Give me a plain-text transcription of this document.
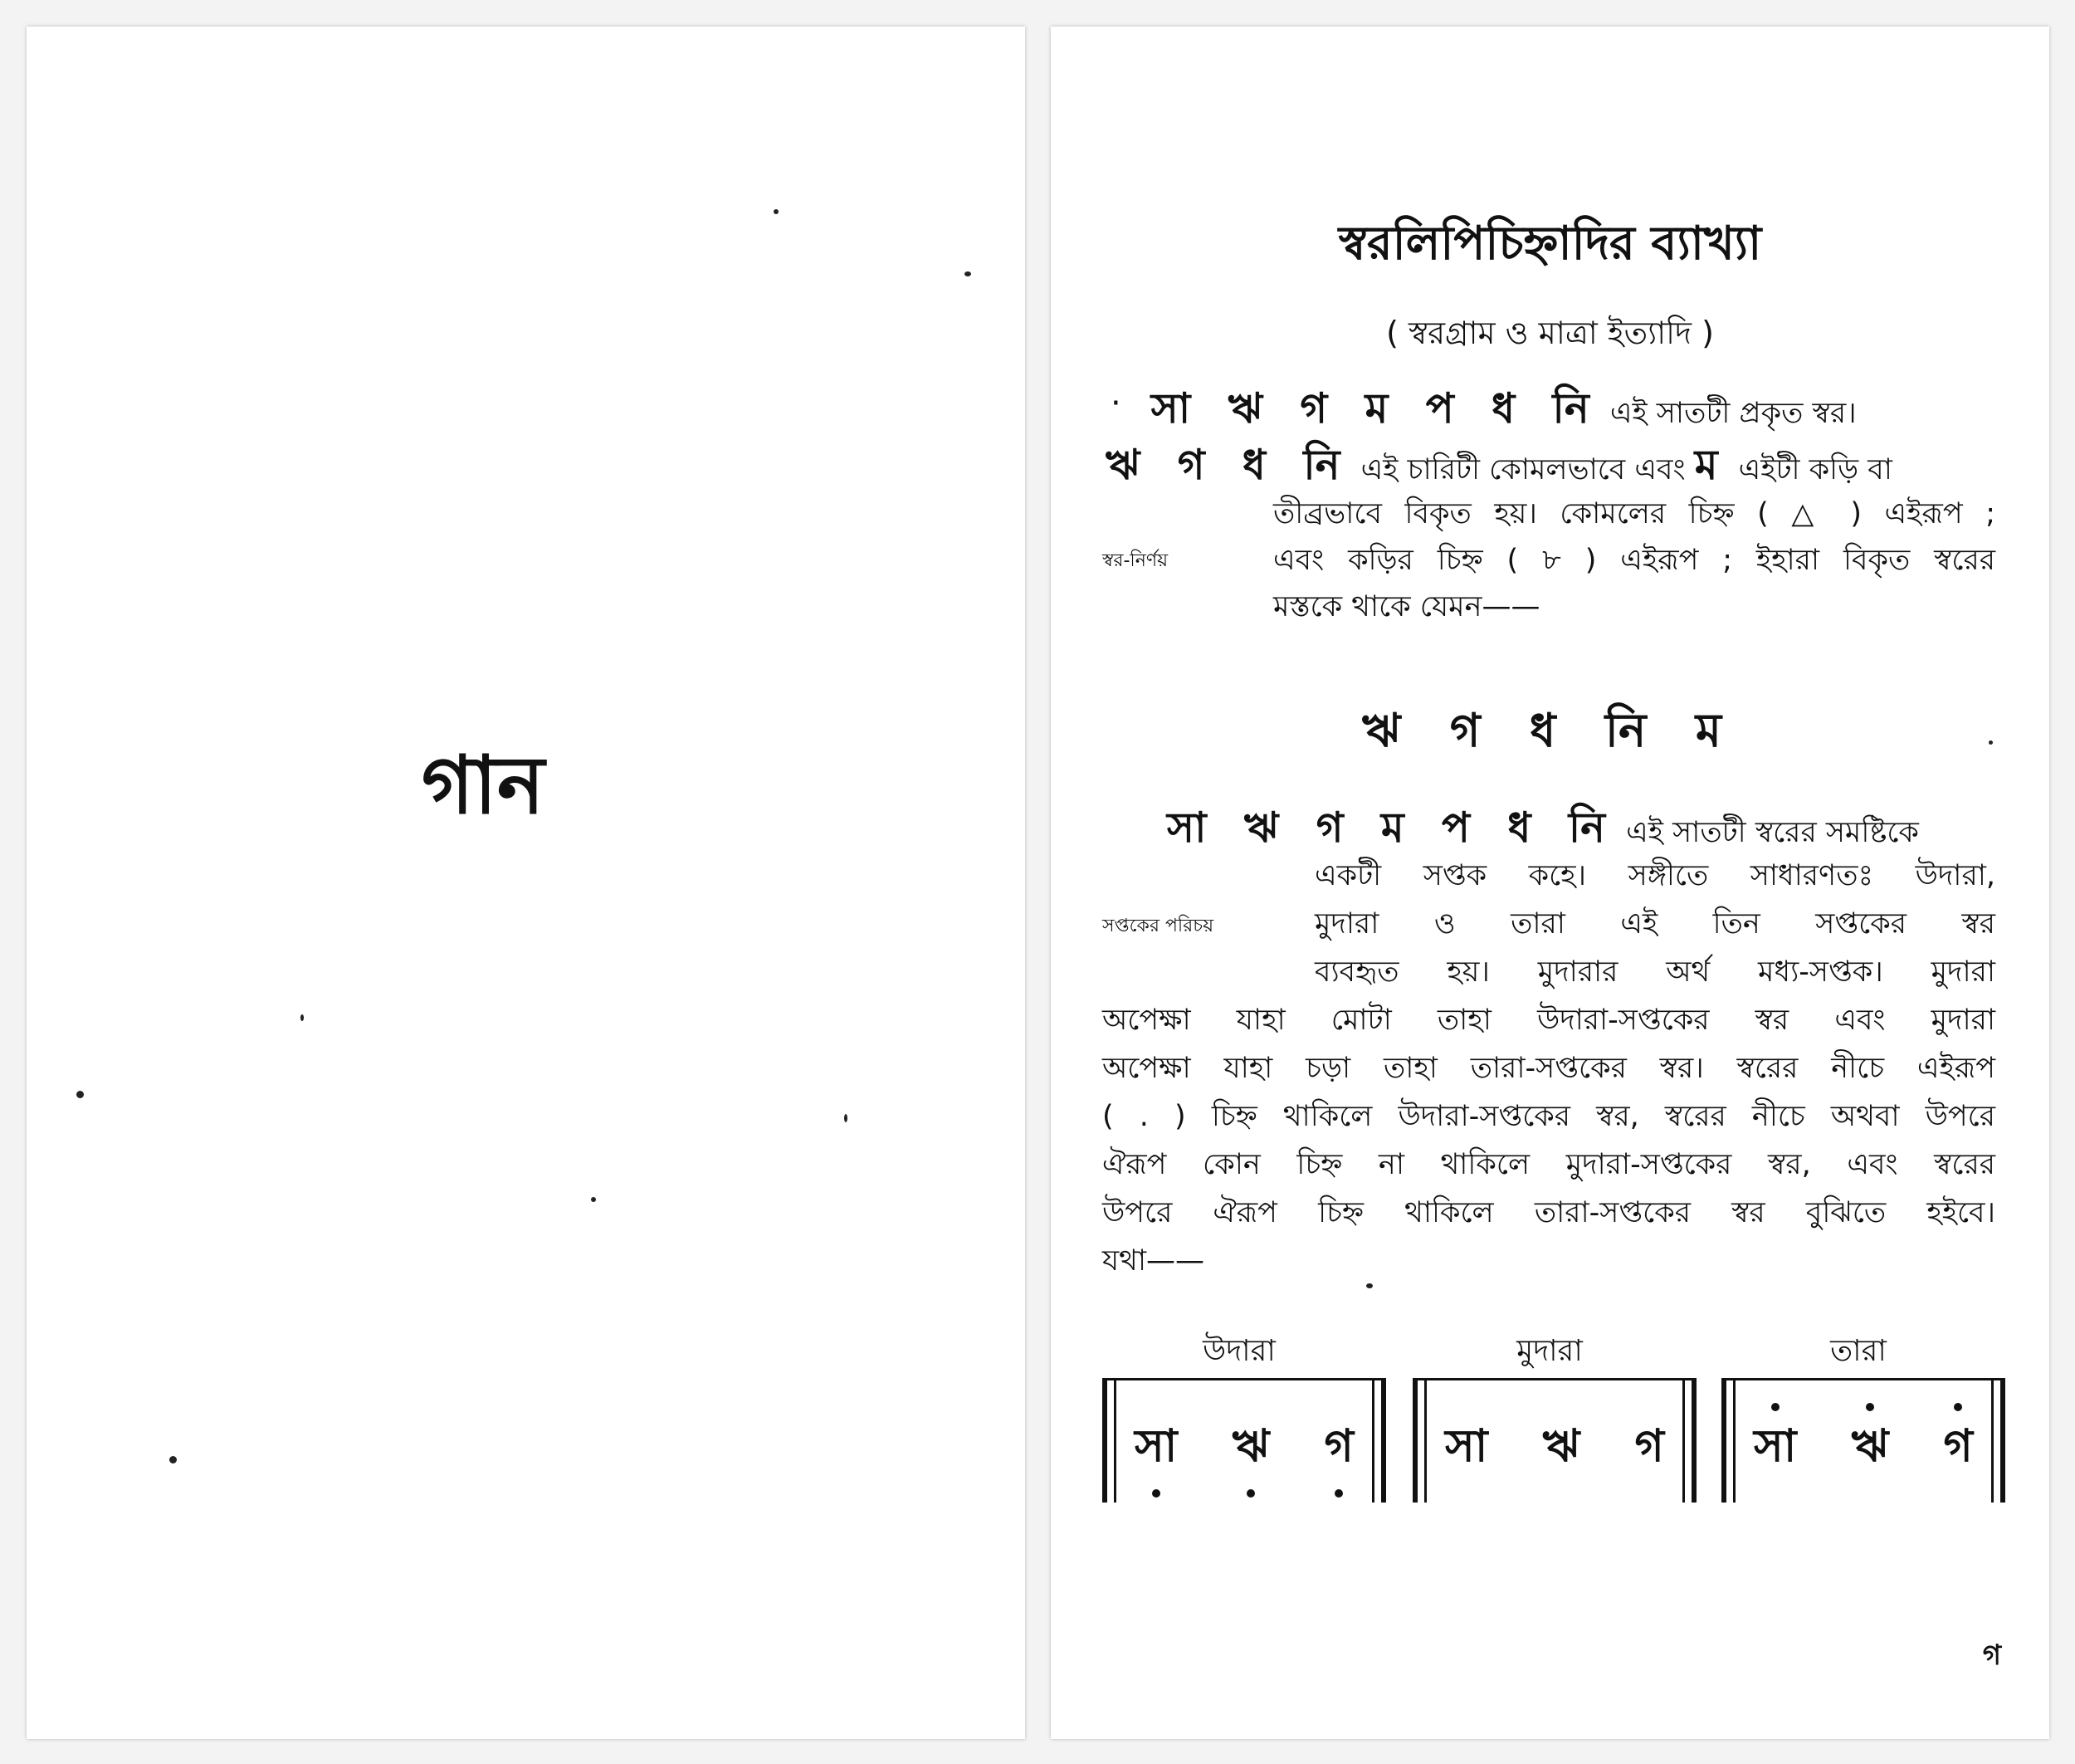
গান
স্বরলিপিচিহ্নাদির ব্যাখ্যা
( স্বরগ্রাম ও মাত্রা ইত্যাদি )
· সা ঋ গ ম প ধ নি এই সাতটী প্রকৃত স্বর।
ঋ গ ধ নি এই চারিটী কোমলভাবে এবং ম এইটী কড়ি বা
তীব্রভাবে বিকৃত হয়। কোমলের চিহ্ন ( △ ) এইরূপ ;
স্বর-নির্ণয়	এবং কড়ির চিহ্ন ( ৮ ) এইরূপ ; ইহারা বিকৃত স্বরের
মস্তকে থাকে যেমন——
ঋ গ ধ নি ম
সা ঋ গ ম প ধ নি এই সাতটী স্বরের সমষ্টিকে
একটী সপ্তক কহে। সঙ্গীতে সাধারণতঃ উদারা,
সপ্তকের পরিচয়	মুদারা ও তারা এই তিন সপ্তকের স্বর
ব্যবহৃত হয়। মুদারার অর্থ মধ্য-সপ্তক। মুদারা
অপেক্ষা যাহা মোটা তাহা উদারা-সপ্তকের স্বর এবং মুদারা
অপেক্ষা যাহা চড়া তাহা তারা-সপ্তকের স্বর। স্বরের নীচে এইরূপ
( . ) চিহ্ন থাকিলে উদারা-সপ্তকের স্বর, স্বরের নীচে অথবা উপরে
ঐরূপ কোন চিহ্ন না থাকিলে মুদারা-সপ্তকের স্বর, এবং স্বরের
উপরে ঐরূপ চিহ্ন থাকিলে তারা-সপ্তকের স্বর বুঝিতে হইবে।
যথা——
উদারা
সা ঋ গ
মুদারা
সা ঋ গ
তারা
সা ঋ গ
গ
